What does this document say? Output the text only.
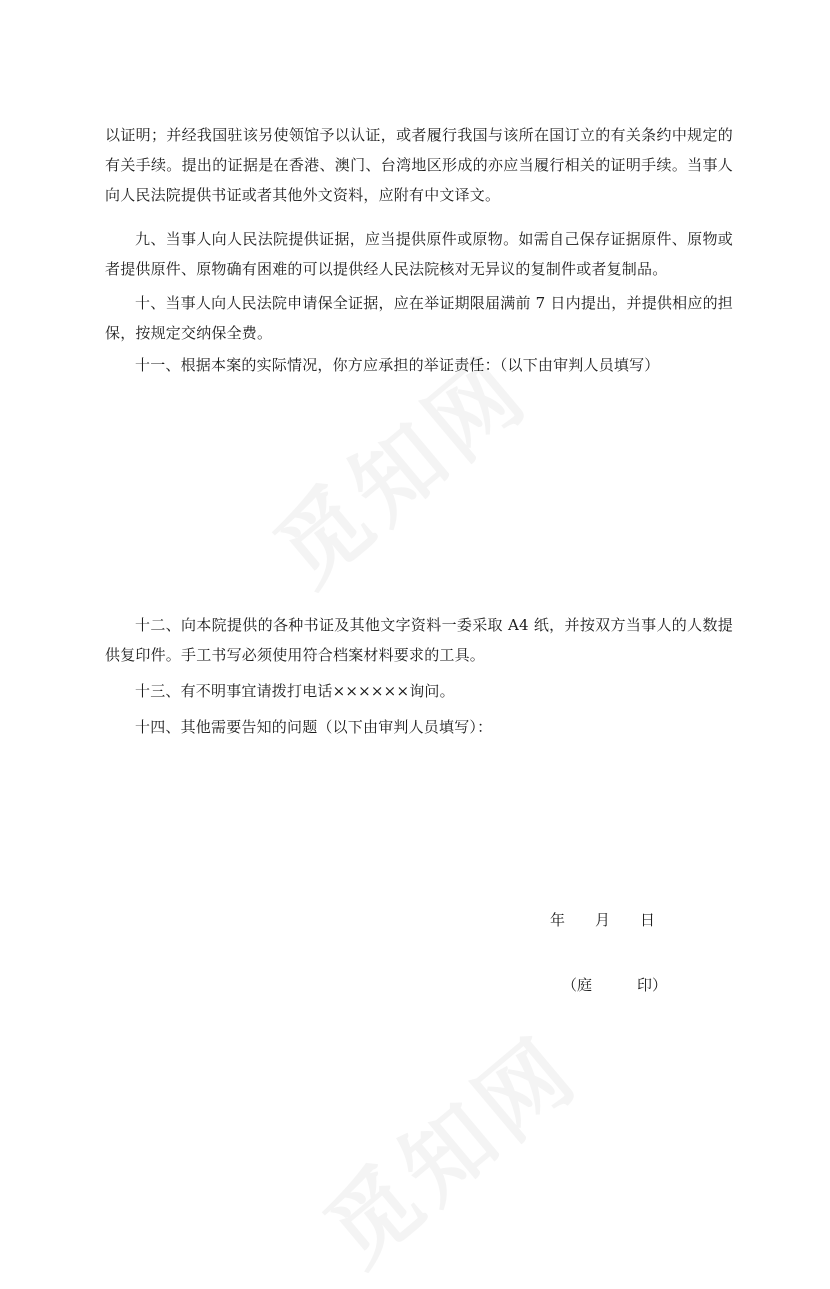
以证明；并经我国驻该另使领馆予以认证，或者履行我国与该所在国订立的有关条约中规定的有关手续。提出的证据是在香港、澳门、台湾地区形成的亦应当履行相关的证明手续。当事人向人民法院提供书证或者其他外文资料，应附有中文译文。

九、当事人向人民法院提供证据，应当提供原件或原物。如需自己保存证据原件、原物或者提供原件、原物确有困难的可以提供经人民法院核对无异议的复制件或者复制品。

十、当事人向人民法院申请保全证据，应在举证期限届满前 7 日内提出，并提供相应的担保，按规定交纳保全费。

十一、根据本案的实际情况，你方应承担的举证责任：（以下由审判人员填写）

十二、向本院提供的各种书证及其他文字资料一委采取 A4 纸，并按双方当事人的人数提供复印件。手工书写必须使用符合档案材料要求的工具。

十三、有不明事宜请拨打电话××××××询问。

十四、其他需要告知的问题（以下由审判人员填写）：

年　　月　　日
（庭　　　印）
